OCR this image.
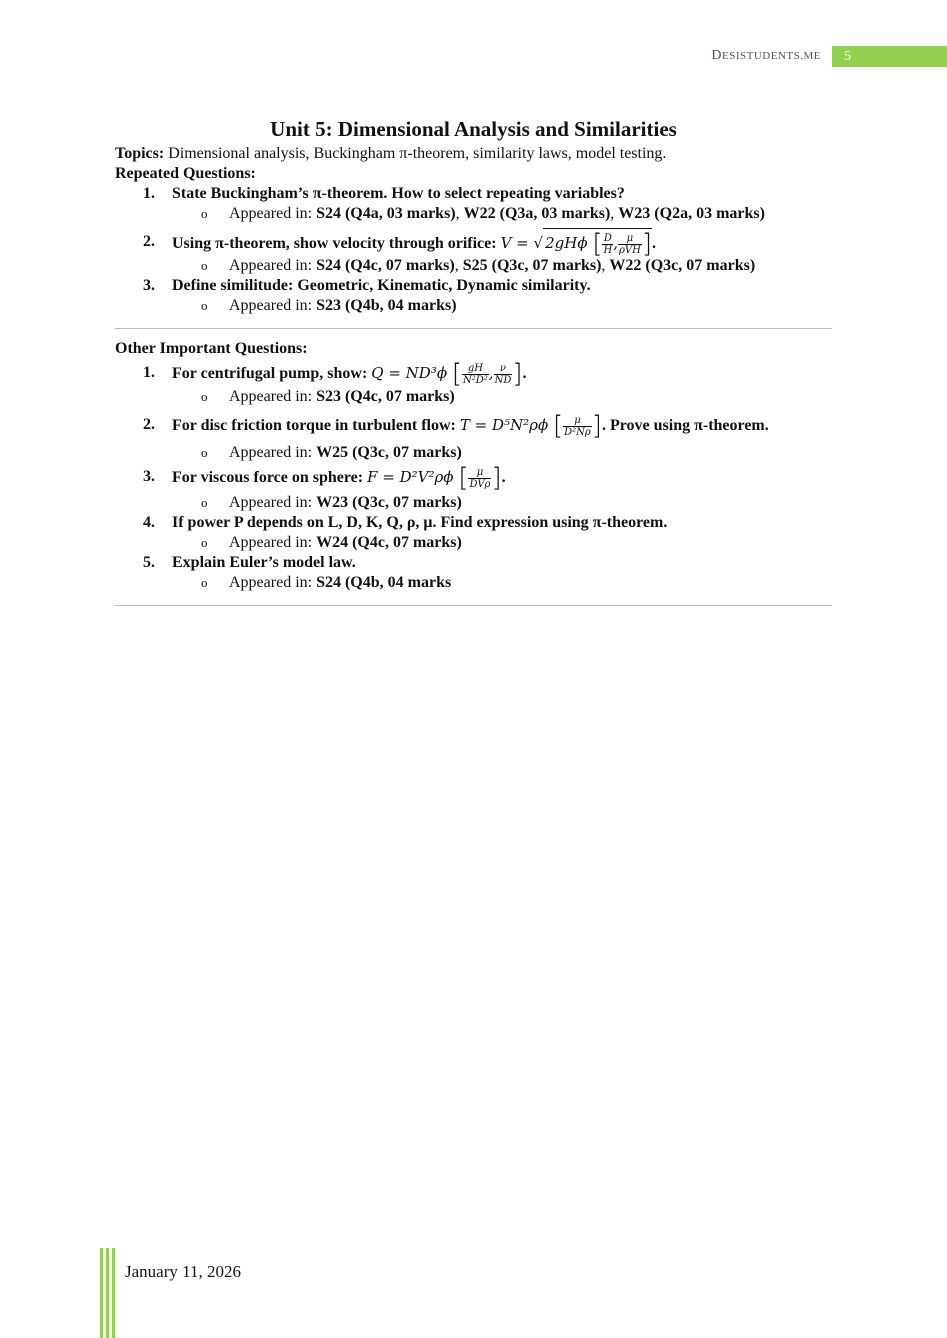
DESISTUDENTS.ME	5
Unit 5: Dimensional Analysis and Similarities

Topics: Dimensional analysis, Buckingham π-theorem, similarity laws, model testing.

Repeated Questions:

1. State Buckingham’s π-theorem. How to select repeating variables?
o Appeared in: S24 (Q4a, 03 marks), W22 (Q3a, 03 marks), W23 (Q2a, 03 marks)
2. Using π-theorem, show velocity through orifice: V = √ 2gHϕ [ $\frac{D}{H}$ , $\frac{\mu}{\text{ρVH}}$ ].
o Appeared in: S24 (Q4c, 07 marks), S25 (Q3c, 07 marks), W22 (Q3c, 07 marks)
3. Define similitude: Geometric, Kinematic, Dynamic similarity.
o Appeared in: S23 (Q4b, 04 marks)

Other Important Questions:

1. For centrifugal pump, show: Q = ND³ϕ [ $\frac{gH}{\text{N²D²}}$ , $\frac{\nu}{ND}$ ].
o Appeared in: S23 (Q4c, 07 marks)
2. For disc friction torque in turbulent flow: T = D⁵N²ρϕ [ $\frac{\mu}{\text{D²Nρ}}$ ]. Prove using π-theorem.
o Appeared in: W25 (Q3c, 07 marks)
3. For viscous force on sphere: F = D²V²ρϕ [ $\frac{\mu}{\text{DVρ}}$ ].
o Appeared in: W23 (Q3c, 07 marks)
4. If power P depends on L, D, K, Q, ρ, μ. Find expression using π-theorem.
o Appeared in: W24 (Q4c, 07 marks)
5. Explain Euler’s model law.
o Appeared in: S24 (Q4b, 04 marks
January 11, 2026
